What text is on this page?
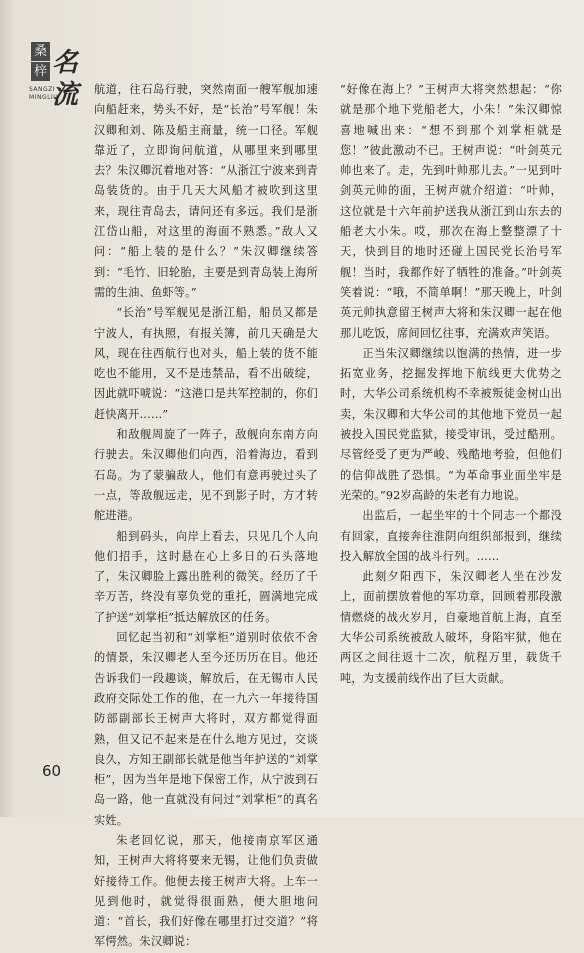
桑
梓 名
流
SANGZI
MINGLIU

航道，往石岛行驶，突然南面一艘军舰加速向船赶来，势头不好，是“长治”号军舰！朱汉卿和刘、陈及船主商量，统一口径。军舰靠近了，立即询问航道，从哪里来到哪里去？朱汉卿沉着地对答：“从浙江宁波来到青岛装货的。由于几天大风船才被吹到这里来，现往青岛去，请问还有多远。我们是浙江岱山船，对这里的海面不熟悉。”敌人又问：“船上装的是什么？”朱汉卿继续答到：“毛竹、旧轮胎，主要是到青岛装上海所需的生油、鱼虾等。”

“长治”号军舰见是浙江船，船员又都是宁波人，有执照，有报关簿，前几天确是大风，现在往西航行也对头，船上装的货不能吃也不能用，又不是违禁品，看不出破绽，因此就吓唬说：“这港口是共军控制的，你们赶快离开……”

和敌舰周旋了一阵子，敌舰向东南方向行驶去。朱汉卿他们向西，沿着海边，看到石岛。为了蒙骗敌人，他们有意再驶过头了一点，等敌舰远走，见不到影子时，方才转舵进港。

船到码头，向岸上看去，只见几个人向他们招手，这时悬在心上多日的石头落地了，朱汉卿脸上露出胜利的微笑。经历了千辛万苦，终没有辜负党的重托，圆满地完成了护送“刘掌柜”抵达解放区的任务。

回忆起当初和“刘掌柜”道别时依依不舍的情景，朱汉卿老人至今还历历在目。他还告诉我们一段趣谈，解放后，在无锡市人民政府交际处工作的他，在一九六一年接待国防部副部长王树声大将时，双方都觉得面熟，但又记不起来是在什么地方见过，交谈良久，方知王副部长就是他当年护送的“刘掌柜”，因为当年是地下保密工作，从宁波到石岛一路，他一直就没有问过“刘掌柜”的真名实姓。

朱老回忆说，那天，他接南京军区通知，王树声大将将要来无锡，让他们负责做好接待工作。他便去接王树声大将。上车一见到他时，就觉得很面熟，便大胆地问道：“首长，我们好像在哪里打过交道？”将军愕然。朱汉卿说：

“好像在海上？”王树声大将突然想起：“你就是那个地下党船老大，小朱！”朱汉卿惊喜地喊出来：“想不到那个刘掌柜就是您！”彼此激动不已。王树声说：“叶剑英元帅也来了。走，先到叶帅那儿去。”一见到叶剑英元帅的面，王树声就介绍道：“叶帅，这位就是十六年前护送我从浙江到山东去的船老大小朱。哎，那次在海上整整漂了十天，快到目的地时还碰上国民党长治号军舰！当时，我都作好了牺牲的准备。”叶剑英笑着说：“哦，不简单啊！”那天晚上，叶剑英元帅执意留王树声大将和朱汉卿一起在他那儿吃饭，席间回忆往事，充满欢声笑语。

正当朱汉卿继续以饱满的热情，进一步拓宽业务，挖掘发挥地下航线更大优势之时，大华公司系统机构不幸被叛徒金树山出卖，朱汉卿和大华公司的其他地下党员一起被投入国民党监狱，接受审讯，受过酷刑。尽管经受了更为严峻、残酷地考验，但他们的信仰战胜了恐惧。“为革命事业面坐牢是光荣的。”92岁高龄的朱老有力地说。

出监后，一起坐牢的十个同志一个都没有回家，直接奔往淮阴向组织部报到，继续投入解放全国的战斗行列。……

此刻夕阳西下，朱汉卿老人坐在沙发上，面前摆放着他的军功章，回顾着那段激情燃烧的战火岁月，自豪地首航上海，直至大华公司系统被敌人破坏，身陷牢狱，他在两区之间往返十二次，航程万里，载货千吨，为支援前线作出了巨大贡献。

60
